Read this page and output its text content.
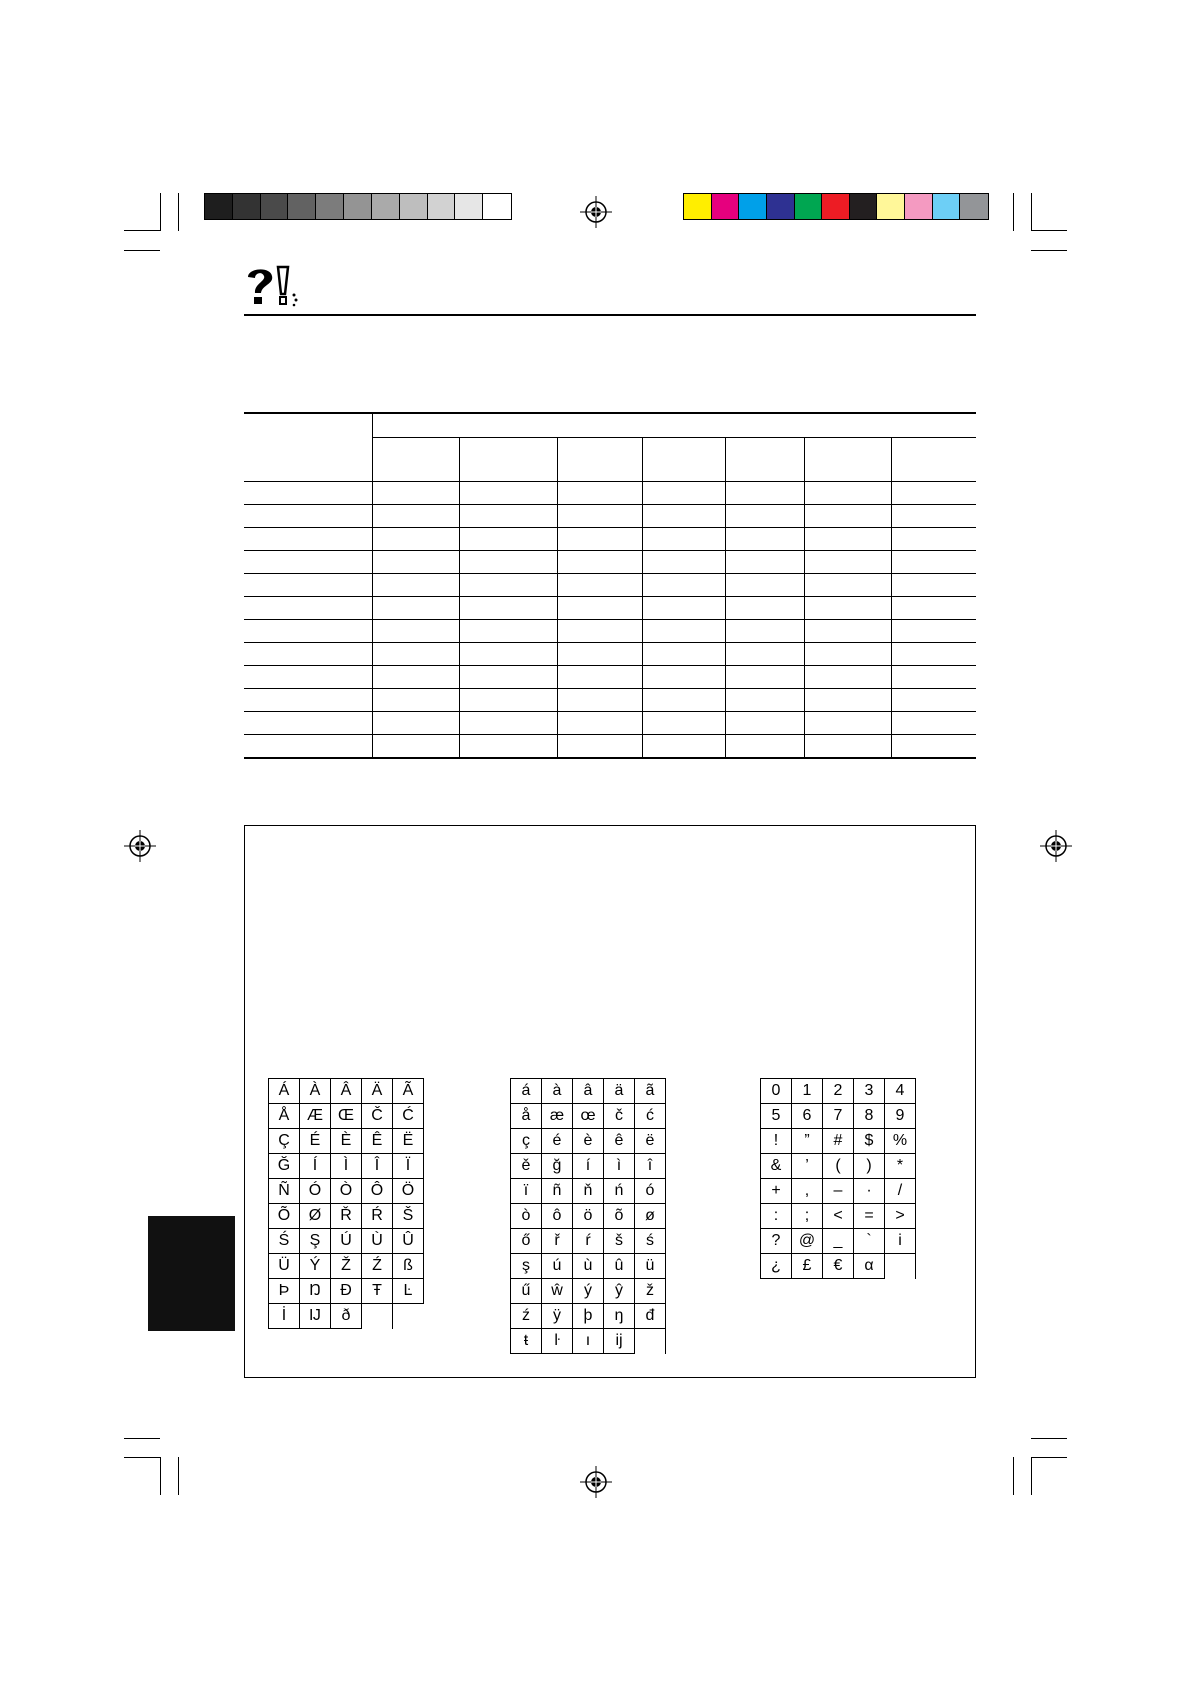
Á	À	Â	Ä	Ã
Å	Æ	Œ	Č	Ć
Ç	É	È	Ê	Ë
Ğ	Í	Ì	Î	Ï
Ñ	Ó	Ò	Ô	Ö
Õ	Ø	Ř	Ŕ	Š
Ś	Ş	Ú	Ù	Û
Ü	Ý	Ž	Ź	ß
Þ	Ŋ	Đ	Ŧ	Ŀ
İ	Ĳ	ð		
á	à	â	ä	ã
å	æ	œ	č	ć
ç	é	è	ê	ë
ě	ğ	í	ì	î
ï	ñ	ň	ń	ó
ò	ô	ö	õ	ø
ő	ř	ŕ	š	ś
ş	ú	ù	û	ü
ű	ŵ	ý	ŷ	ž
ź	ÿ	þ	ŋ	đ
ŧ	ŀ	ı	ĳ	
0	1	2	3	4
5	6	7	8	9
!	”	#	$	%
&	’	(	)	*
+	,	–	·	/
:	;	<	=	>
?	@	_	`	i
¿	£	€	α	
